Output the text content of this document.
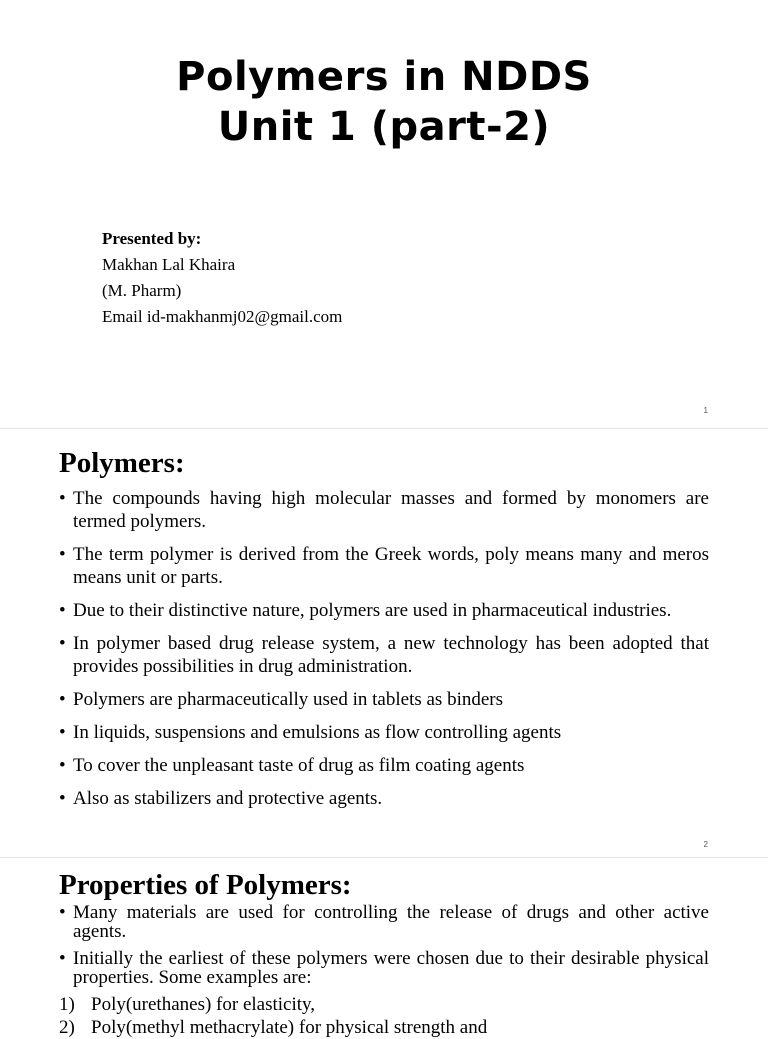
Polymers in NDDS
Unit 1 (part-2)
Presented by:
Makhan Lal Khaira
(M. Pharm)
Email id-makhanmj02@gmail.com
1
Polymers:
• The compounds having high molecular masses and formed by monomers are termed polymers.
• The term polymer is derived from the Greek words, poly means many and meros means unit or parts.
• Due to their distinctive nature, polymers are used in pharmaceutical industries.
• In polymer based drug release system, a new technology has been adopted that provides possibilities in drug administration.
• Polymers are pharmaceutically used in tablets as binders
• In liquids, suspensions and emulsions as flow controlling agents
• To cover the unpleasant taste of drug as film coating agents
• Also as stabilizers and protective agents.
2
Properties of Polymers:
• Many materials are used for controlling the release of drugs and other active agents.
• Initially the earliest of these polymers were chosen due to their desirable physical properties. Some examples are:
1) Poly(urethanes) for elasticity,
2) Poly(methyl methacrylate) for physical strength and
